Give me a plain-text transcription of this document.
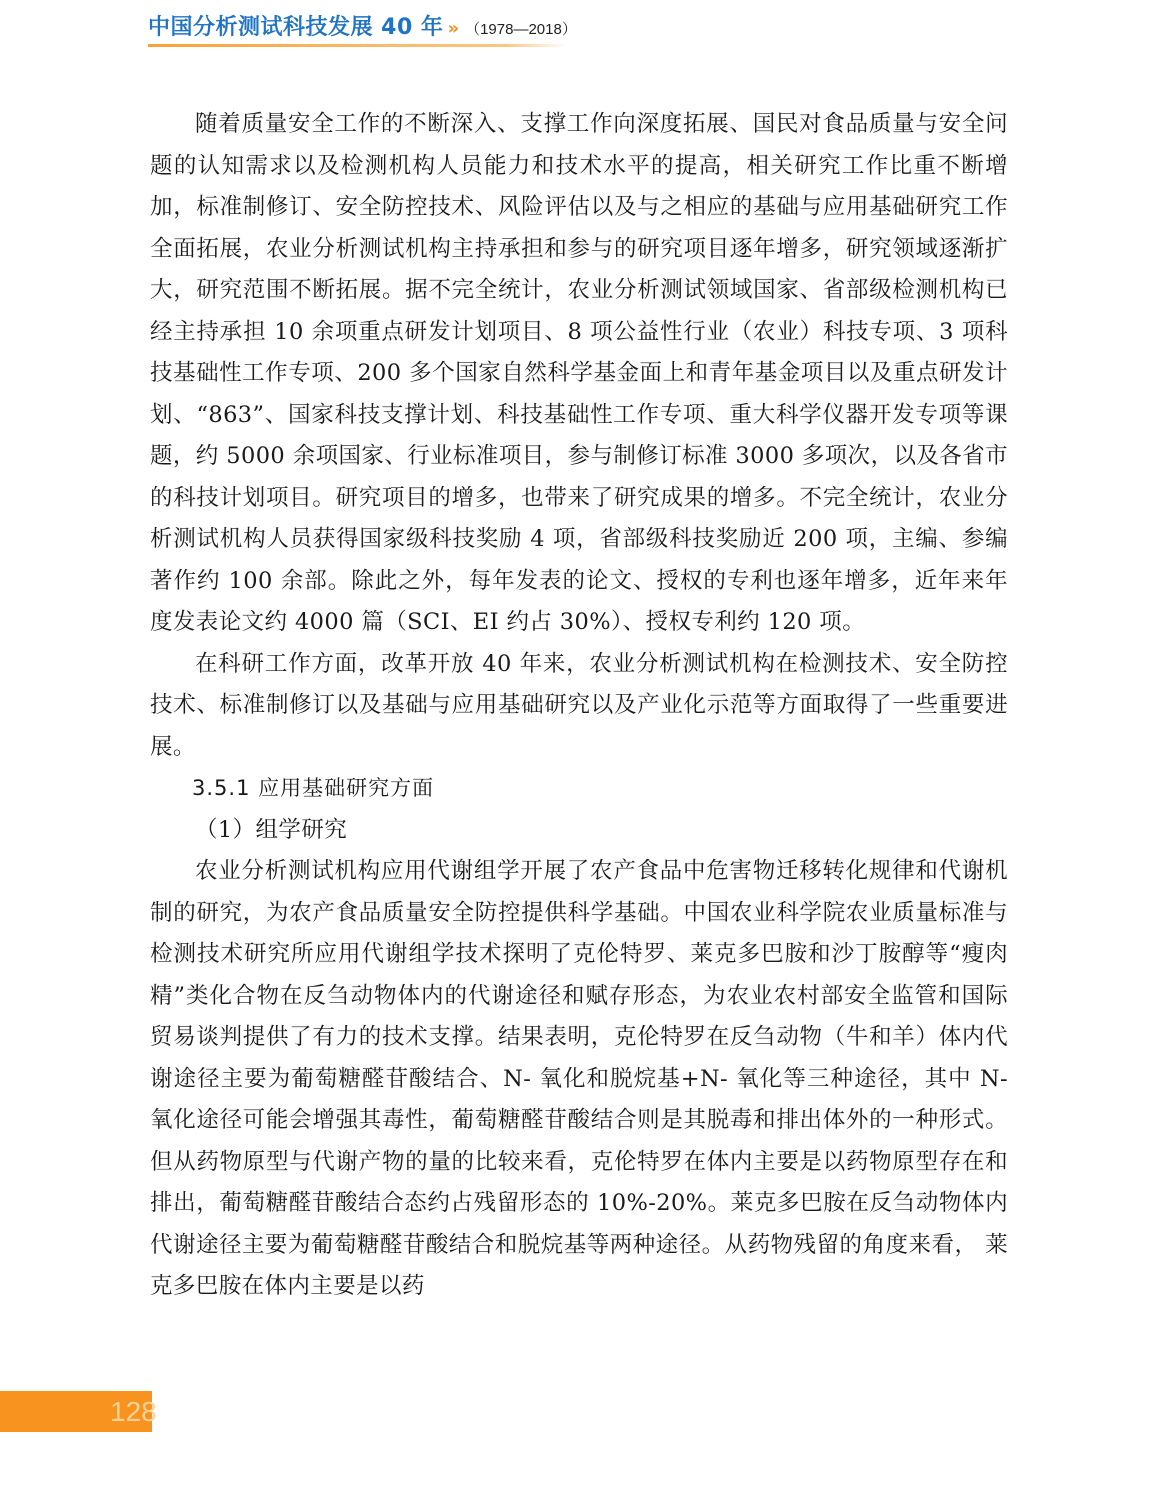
中国分析测试科技发展 40 年 » （1978—2018）

随着质量安全工作的不断深入、支撑工作向深度拓展、国民对食品质量与安全问题的认知需求以及检测机构人员能力和技术水平的提高，相关研究工作比重不断增加，标准制修订、安全防控技术、风险评估以及与之相应的基础与应用基础研究工作全面拓展，农业分析测试机构主持承担和参与的研究项目逐年增多，研究领域逐渐扩大，研究范围不断拓展。据不完全统计，农业分析测试领域国家、省部级检测机构已经主持承担 10 余项重点研发计划项目、8 项公益性行业（农业）科技专项、3 项科技基础性工作专项、200 多个国家自然科学基金面上和青年基金项目以及重点研发计划、“863”、国家科技支撑计划、科技基础性工作专项、重大科学仪器开发专项等课题，约 5000 余项国家、行业标准项目，参与制修订标准 3000 多项次，以及各省市的科技计划项目。研究项目的增多，也带来了研究成果的增多。不完全统计，农业分析测试机构人员获得国家级科技奖励 4 项，省部级科技奖励近 200 项，主编、参编著作约 100 余部。除此之外，每年发表的论文、授权的专利也逐年增多，近年来年度发表论文约 4000 篇（SCI、EI 约占 30%）、授权专利约 120 项。

在科研工作方面，改革开放 40 年来，农业分析测试机构在检测技术、安全防控技术、标准制修订以及基础与应用基础研究以及产业化示范等方面取得了一些重要进展。

3.5.1 应用基础研究方面

（1）组学研究

农业分析测试机构应用代谢组学开展了农产食品中危害物迁移转化规律和代谢机制的研究，为农产食品质量安全防控提供科学基础。中国农业科学院农业质量标准与检测技术研究所应用代谢组学技术探明了克伦特罗、莱克多巴胺和沙丁胺醇等“瘦肉精”类化合物在反刍动物体内的代谢途径和赋存形态，为农业农村部安全监管和国际贸易谈判提供了有力的技术支撑。结果表明，克伦特罗在反刍动物（牛和羊）体内代谢途径主要为葡萄糖醛苷酸结合、N- 氧化和脱烷基+N- 氧化等三种途径，其中 N- 氧化途径可能会增强其毒性，葡萄糖醛苷酸结合则是其脱毒和排出体外的一种形式。但从药物原型与代谢产物的量的比较来看，克伦特罗在体内主要是以药物原型存在和排出，葡萄糖醛苷酸结合态约占残留形态的 10%-20%。莱克多巴胺在反刍动物体内代谢途径主要为葡萄糖醛苷酸结合和脱烷基等两种途径。从药物残留的角度来看， 莱克多巴胺在体内主要是以药

128
